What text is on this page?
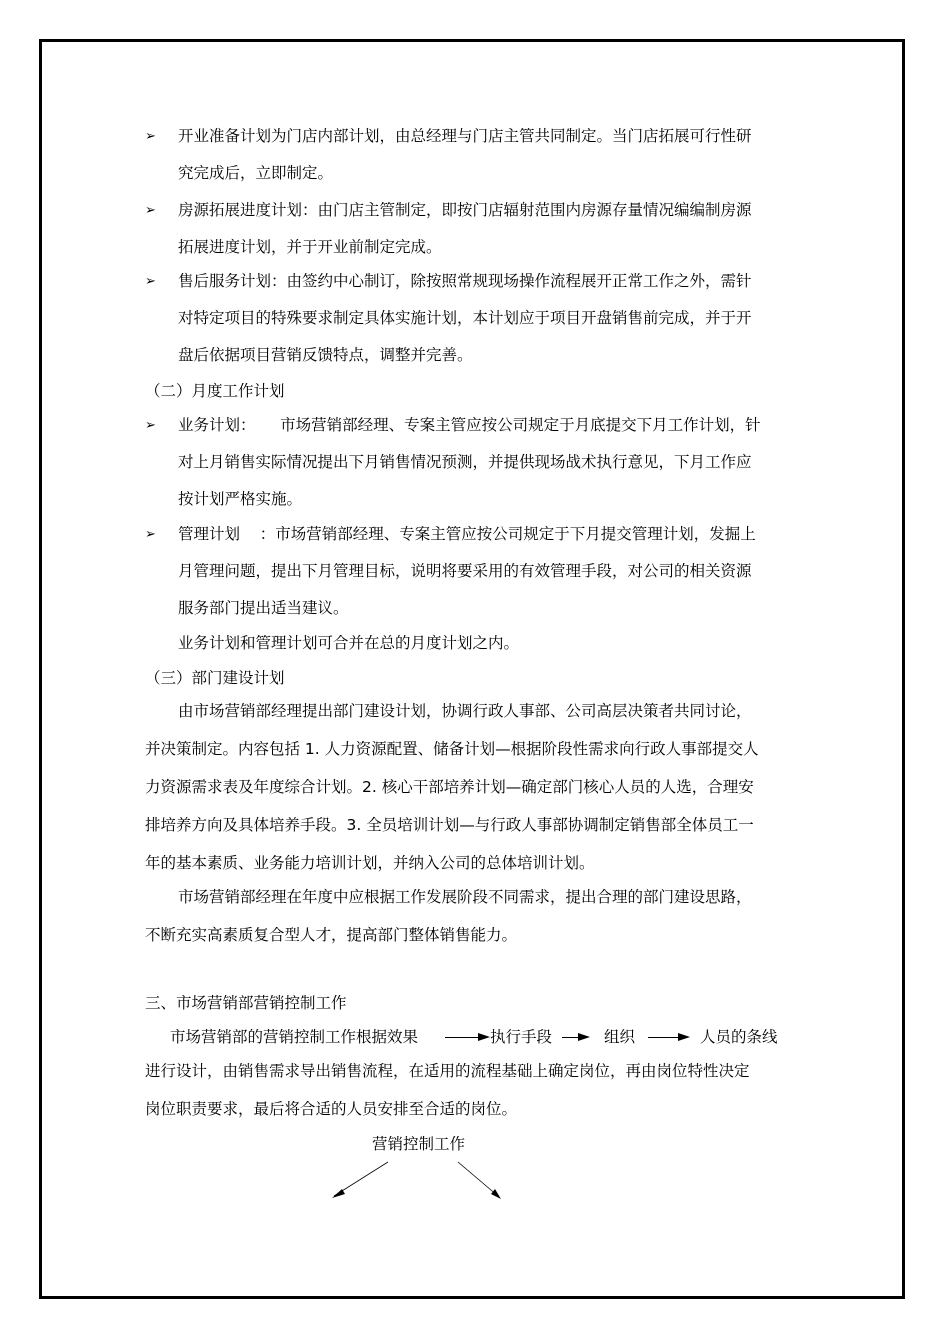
➢ 开业准备计划为门店内部计划，由总经理与门店主管共同制定。当门店拓展可行性研
究完成后，立即制定。
➢ 房源拓展进度计划：由门店主管制定，即按门店辐射范围内房源存量情况编编制房源
拓展进度计划，并于开业前制定完成。
➢ 售后服务计划：由签约中心制订，除按照常规现场操作流程展开正常工作之外，需针
对特定项目的特殊要求制定具体实施计划，本计划应于项目开盘销售前完成，并于开
盘后依据项目营销反馈特点，调整并完善。
（二）月度工作计划
➢ 业务计划：     市场营销部经理、专案主管应按公司规定于月底提交下月工作计划，针
对上月销售实际情况提出下月销售情况预测，并提供现场战术执行意见，下月工作应
按计划严格实施。
➢ 管理计划    ：市场营销部经理、专案主管应按公司规定于下月提交管理计划，发掘上
月管理问题，提出下月管理目标，说明将要采用的有效管理手段，对公司的相关资源
服务部门提出适当建议。
业务计划和管理计划可合并在总的月度计划之内。
（三）部门建设计划
由市场营销部经理提出部门建设计划，协调行政人事部、公司高层决策者共同讨论，
并决策制定。内容包括 1. 人力资源配置、储备计划—根据阶段性需求向行政人事部提交人
力资源需求表及年度综合计划。2. 核心干部培养计划—确定部门核心人员的人选，合理安
排培养方向及具体培养手段。3. 全员培训计划—与行政人事部协调制定销售部全体员工一
年的基本素质、业务能力培训计划，并纳入公司的总体培训计划。
市场营销部经理在年度中应根据工作发展阶段不同需求，提出合理的部门建设思路，
不断充实高素质复合型人才，提高部门整体销售能力。
三、市场营销部营销控制工作
市场营销部的营销控制工作根据效果	执行手段	组织	人员的条线
进行设计，由销售需求导出销售流程，在适用的流程基础上确定岗位，再由岗位特性决定
岗位职责要求，最后将合适的人员安排至合适的岗位。
营销控制工作
